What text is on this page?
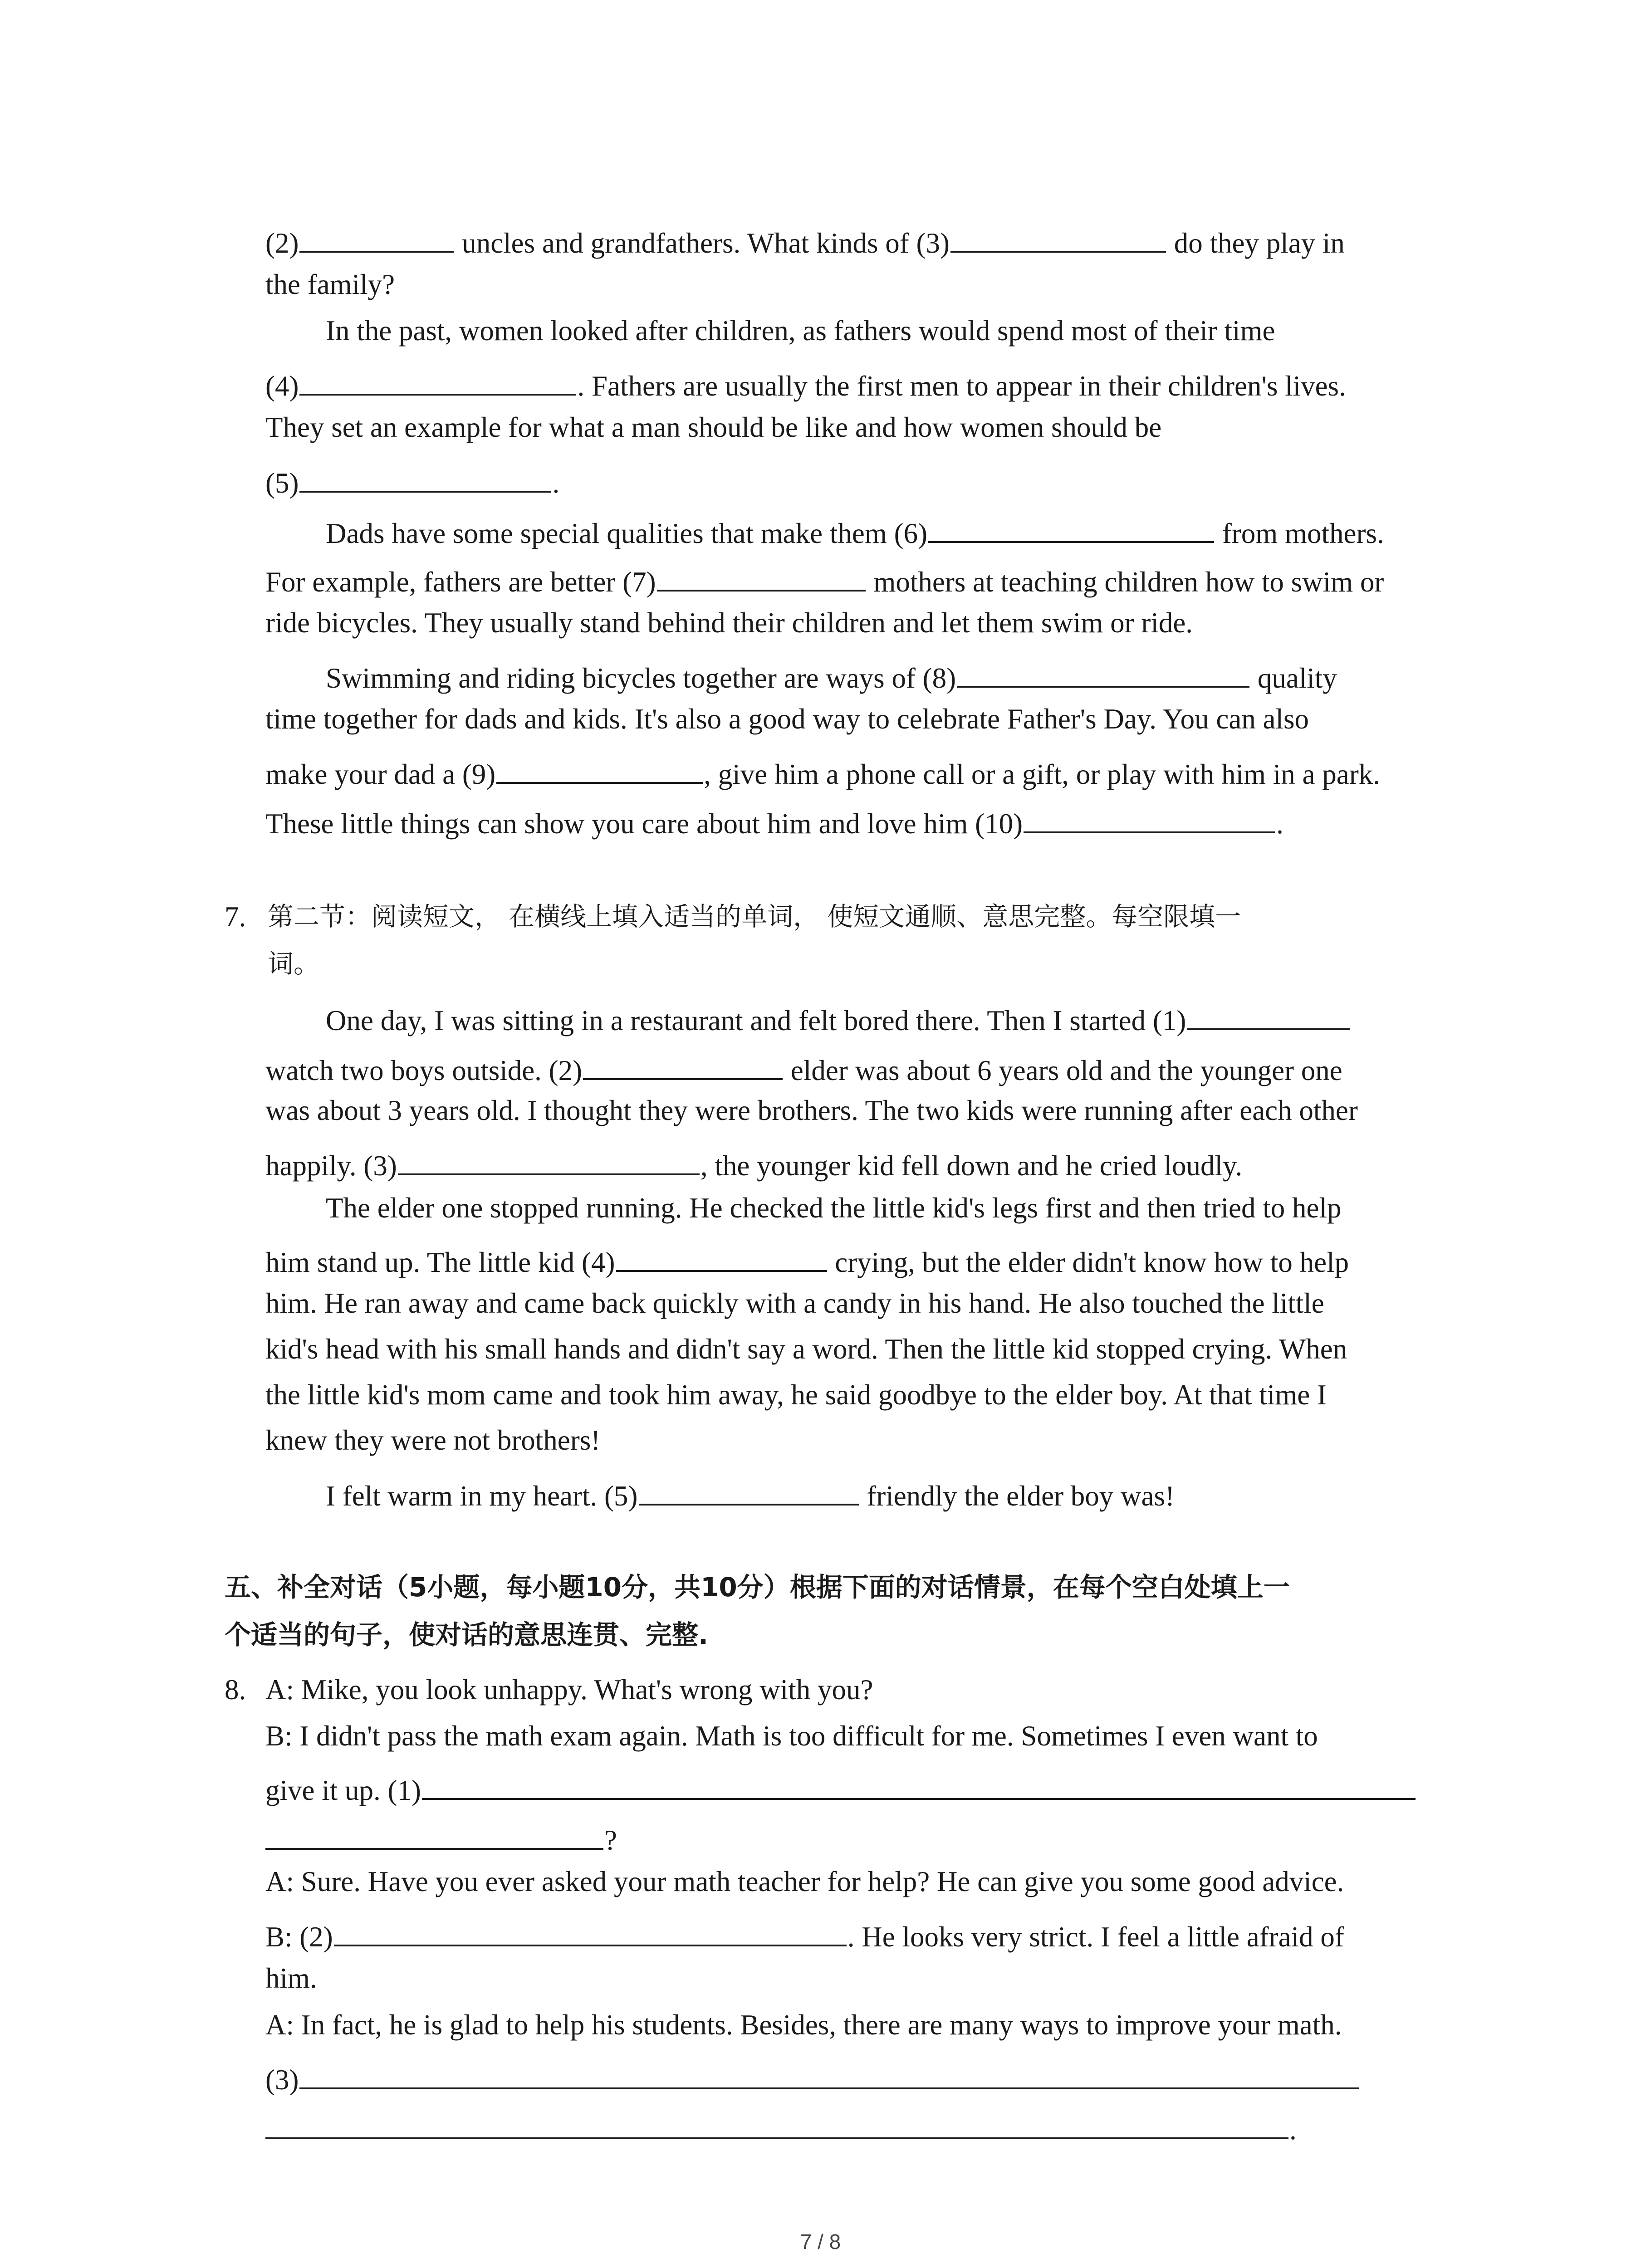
(2)	uncles and grandfathers. What kinds of (3)	do they play in
the family?
In the past, women looked after children, as fathers would spend most of their time
(4)	. Fathers are usually the first men to appear in their children's lives.
They set an example for what a man should be like and how women should be
(5)	.
Dads have some special qualities that make them (6)	from mothers.
For example, fathers are better (7)	mothers at teaching children how to swim or
ride bicycles. They usually stand behind their children and let them swim or ride.
Swimming and riding bicycles together are ways of (8)	quality
time together for dads and kids. It's also a good way to celebrate Father's Day. You can also
make your dad a (9)	, give him a phone call or a gift, or play with him in a park.
These little things can show you care about him and love him (10)	.
7. 第二节：阅读短文， 在横线上填入适当的单词， 使短文通顺、意思完整。每空限填一
词。
One day, I was sitting in a restaurant and felt bored there. Then I started (1)
watch two boys outside. (2)	elder was about 6 years old and the younger one
was about 3 years old. I thought they were brothers. The two kids were running after each other
happily. (3)	, the younger kid fell down and he cried loudly.
The elder one stopped running. He checked the little kid's legs first and then tried to help
him stand up. The little kid (4)	crying, but the elder didn't know how to help
him. He ran away and came back quickly with a candy in his hand. He also touched the little
kid's head with his small hands and didn't say a word. Then the little kid stopped crying. When
the little kid's mom came and took him away, he said goodbye to the elder boy. At that time I
knew they were not brothers!
I felt warm in my heart. (5)	friendly the elder boy was!
五、补全对话（5小题，每小题10分，共10分）根据下面的对话情景，在每个空白处填上一
个适当的句子，使对话的意思连贯、完整.
8. A: Mike, you look unhappy. What's wrong with you?
B: I didn't pass the math exam again. Math is too difficult for me. Sometimes I even want to
give it up. (1)
?
A: Sure. Have you ever asked your math teacher for help? He can give you some good advice.
B: (2)	. He looks very strict. I feel a little afraid of
him.
A: In fact, he is glad to help his students. Besides, there are many ways to improve your math.
(3)
.
7 / 8
